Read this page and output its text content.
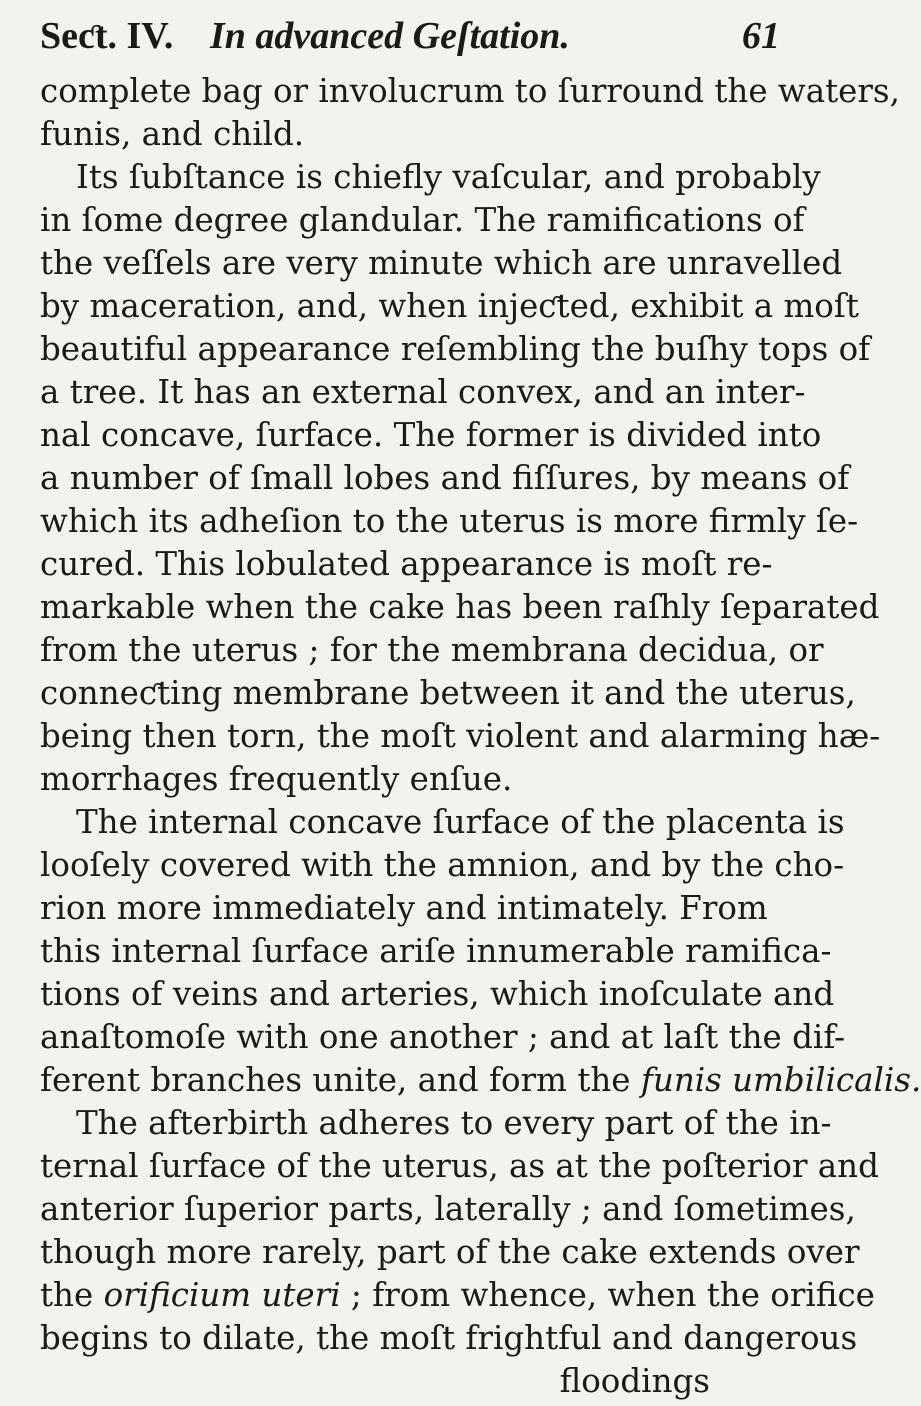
Seƈt. IV. In advanced Geſtation.	61
complete bag or involucrum to ſurround the waters,
funis, and child.
Its ſubſtance is chiefly vaſcular, and probably
in ſome degree glandular. The ramifications of
the veſſels are very minute which are unravelled
by maceration, and, when injeƈted, exhibit a moſt
beautiful appearance reſembling the buſhy tops of
a tree. It has an external convex, and an inter-
nal concave, ſurface. The former is divided into
a number of ſmall lobes and fiſſures, by means of
which its adheſion to the uterus is more firmly ſe-
cured. This lobulated appearance is moſt re-
markable when the cake has been raſhly ſeparated
from the uterus ; for the membrana decidua, or
conneƈting membrane between it and the uterus,
being then torn, the moſt violent and alarming hæ-
morrhages frequently enſue.
The internal concave ſurface of the placenta is
looſely covered with the amnion, and by the cho-
rion more immediately and intimately. From
this internal ſurface ariſe innumerable ramifica-
tions of veins and arteries, which inoſculate and
anaſtomoſe with one another ; and at laſt the dif-
ferent branches unite, and form the funis umbilicalis.
The afterbirth adheres to every part of the in-
ternal ſurface of the uterus, as at the poſterior and
anterior ſuperior parts, laterally ; and ſometimes,
though more rarely, part of the cake extends over
the orificium uteri ; from whence, when the orifice
begins to dilate, the moſt frightful and dangerous
floodings
